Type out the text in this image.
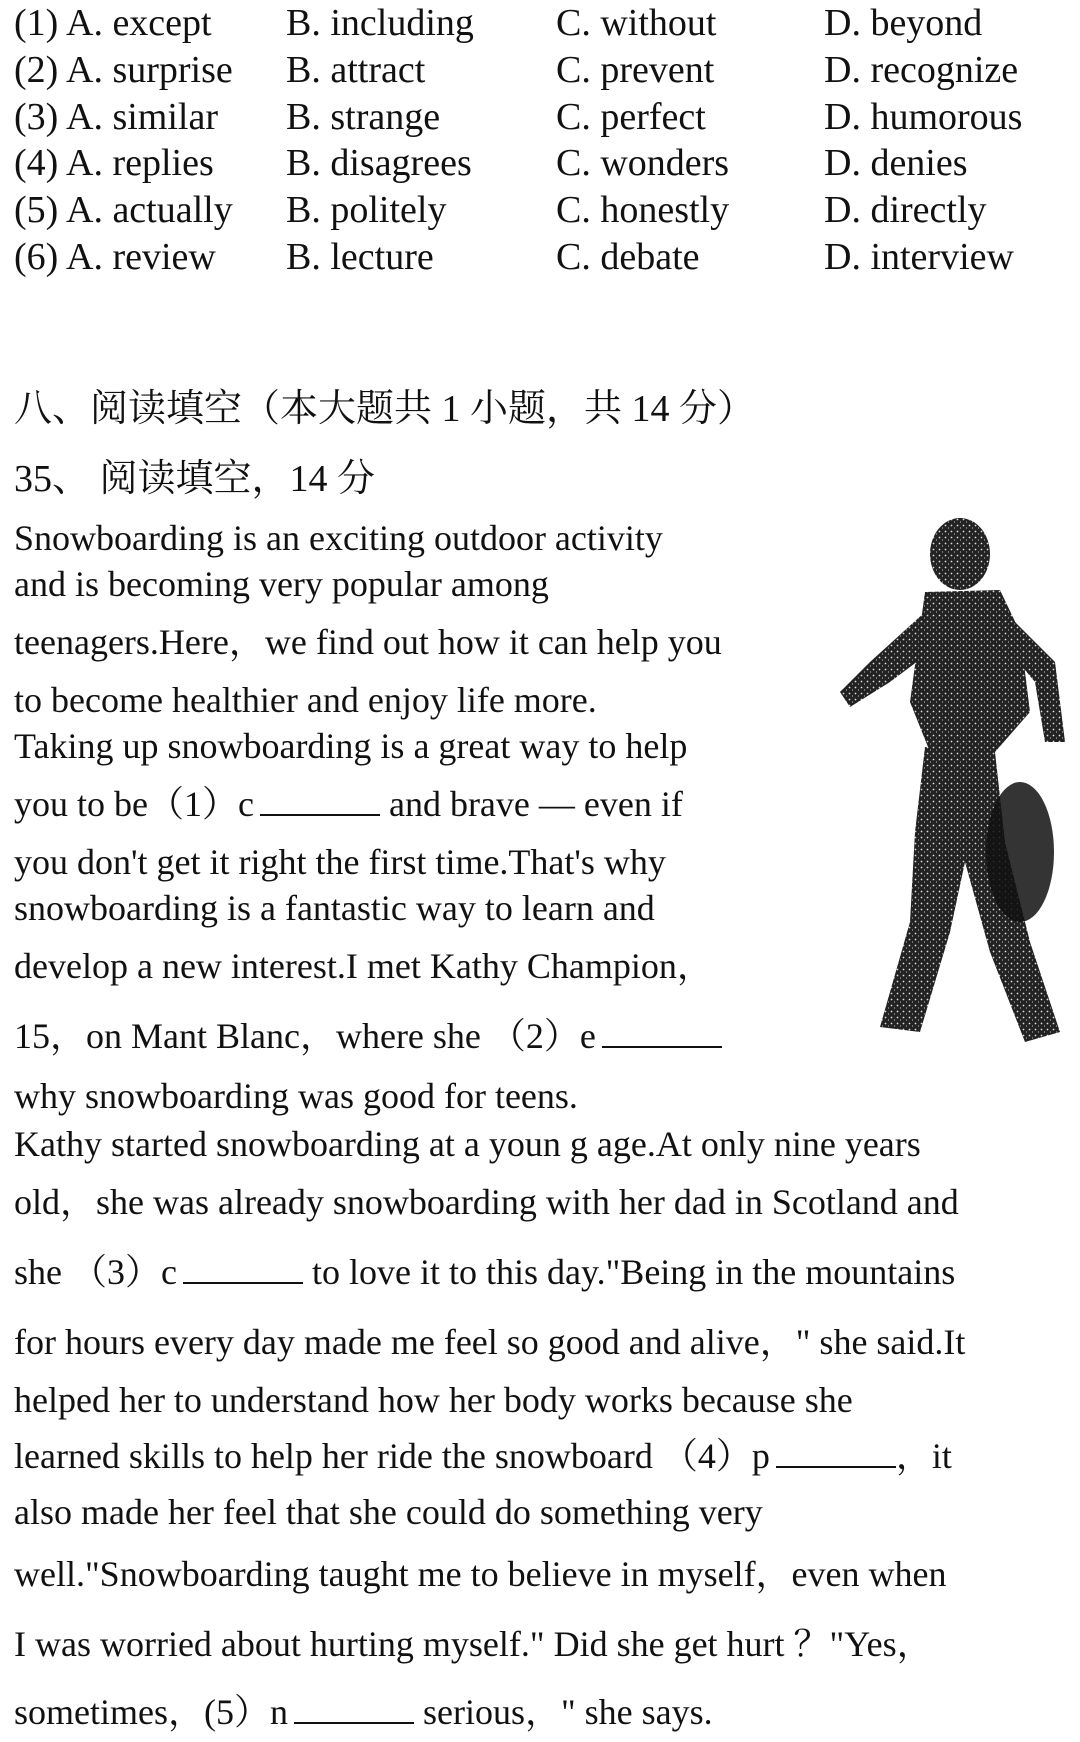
(1) A. except B. including C. without	D. beyond
(2) A. surprise B. attract	C. prevent	D. recognize
(3) A. similar B. strange	C. perfect	D. humorous
(4) A. replies B. disagrees C. wonders D. denies
(5) A. actually B. politely	C. honestly D. directly
(6) A. review B. lecture	C. debate	D. interview
八、阅读填空（本大题共 1 小题，共 14 分）
35、 阅读填空，14 分
Snowboarding is an exciting outdoor activity
and is becoming very popular among
teenagers.Here，we find out how it can help you
to become healthier and enjoy life more.
Taking up snowboarding is a great way to help
you to be（1）c	and brave — even if
you don't get it right the first time.That's why
snowboarding is a fantastic way to learn and
develop a new interest.I met Kathy Champion，
15，on Mant Blanc，where she （2）e
why snowboarding was good for teens.
Kathy started snowboarding at a youn g age.At only nine years
old，she was already snowboarding with her dad in Scotland and
she （3）c	to love it to this day."Being in the mountains
for hours every day made me feel so good and alive，" she said.It
helped her to understand how her body works because she
learned skills to help her ride the snowboard （4）p	，it
also made her feel that she could do something very
well."Snowboarding taught me to believe in myself，even when
I was worried about hurting myself." Did she get hurt ？"Yes，
sometimes，(5）n	serious，" she says.
